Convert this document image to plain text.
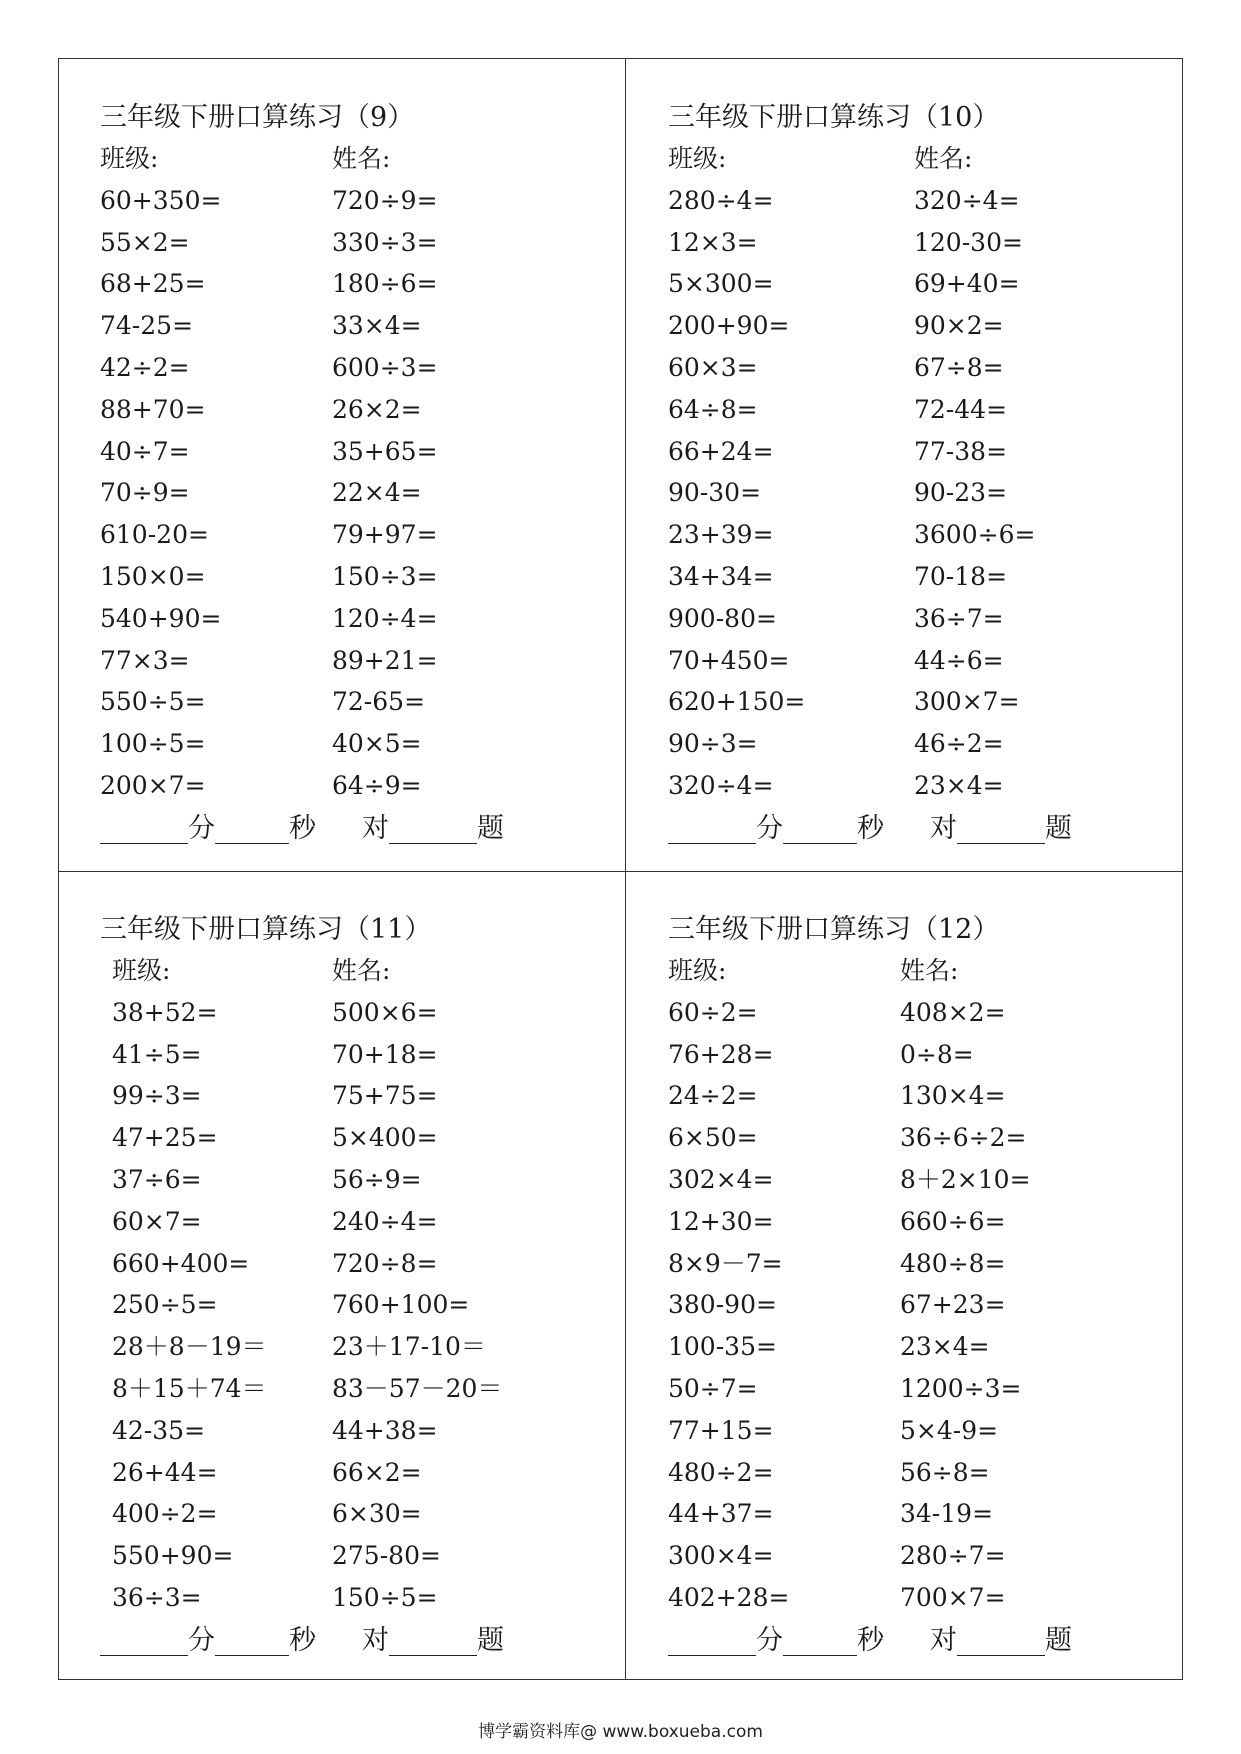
三年级下册口算练习（9）
班级:	姓名:
60+350=	720÷9=
55×2=	330÷3=
68+25=	180÷6=
74-25=	33×4=
42÷2=	600÷3=
88+70=	26×2=
40÷7=	35+65=
70÷9=	22×4=
610-20=	79+97=
150×0=	150÷3=
540+90=	120÷4=
77×3=	89+21=
550÷5=	72-65=
100÷5=	40×5=
200×7=	64÷9=
分	秒 对	题
三年级下册口算练习（10）
班级:	姓名:
280÷4=	320÷4=
12×3=	120-30=
5×300=	69+40=
200+90=	90×2=
60×3=	67÷8=
64÷8=	72-44=
66+24=	77-38=
90-30=	90-23=
23+39=	3600÷6=
34+34=	70-18=
900-80=	36÷7=
70+450=	44÷6=
620+150=	300×7=
90÷3=	46÷2=
320÷4=	23×4=
分	秒 对	题
三年级下册口算练习（11）
班级:	姓名:
38+52=	500×6=
41÷5=	70+18=
99÷3=	75+75=
47+25=	5×400=
37÷6=	56÷9=
60×7=	240÷4=
660+400=	720÷8=
250÷5=	760+100=
28＋8－19＝	23＋17-10＝
8＋15＋74＝	83－57－20＝
42-35=	44+38=
26+44=	66×2=
400÷2=	6×30=
550+90=	275-80=
36÷3=	150÷5=
分	秒 对	题
三年级下册口算练习（12）
班级:	姓名:
60÷2=	408×2=
76+28=	0÷8=
24÷2=	130×4=
6×50=	36÷6÷2=
302×4=	8＋2×10=
12+30=	660÷6=
8×9－7=	480÷8=
380-90=	67+23=
100-35=	23×4=
50÷7=	1200÷3=
77+15=	5×4-9=
480÷2=	56÷8=
44+37=	34-19=
300×4=	280÷7=
402+28=	700×7=
分	秒 对	题
博学霸资料库@ www.boxueba.com
